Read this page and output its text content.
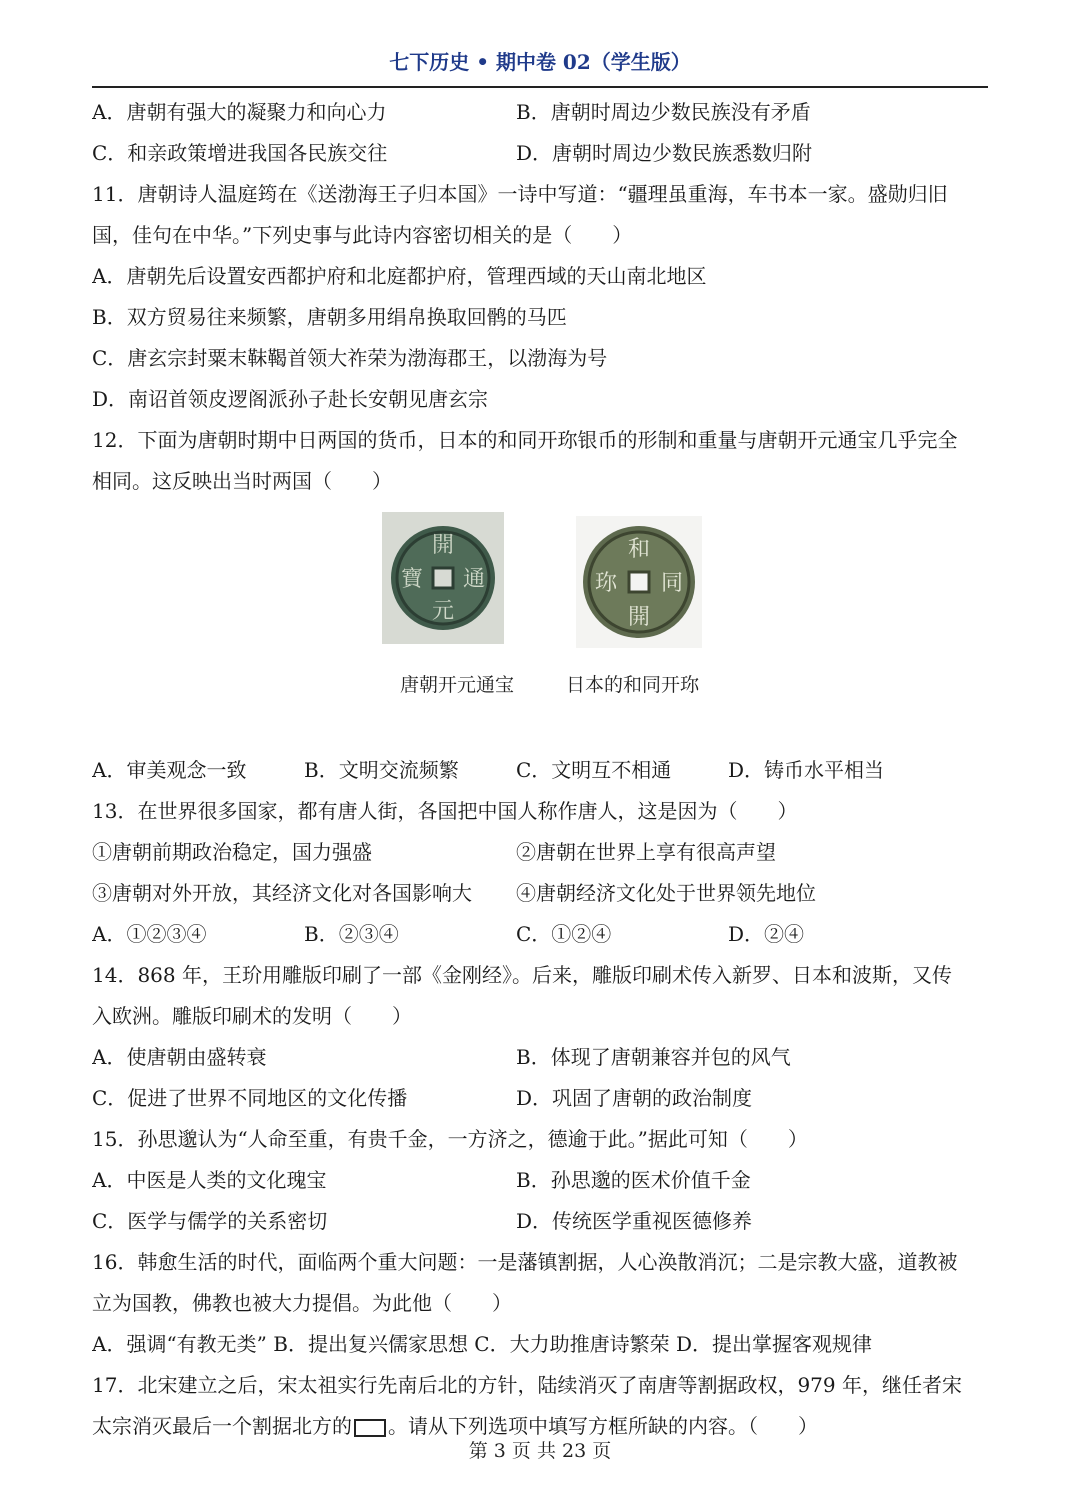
七下历史 • 期中卷 02（学生版）
A．唐朝有强大的凝聚力和向心力	B．唐朝时周边少数民族没有矛盾
C．和亲政策增进我国各民族交往	D．唐朝时周边少数民族悉数归附
11．唐朝诗人温庭筠在《送渤海王子归本国》一诗中写道：“疆理虽重海，车书本一家。盛勋归旧
国，佳句在中华。”下列史事与此诗内容密切相关的是（　　）
A．唐朝先后设置安西都护府和北庭都护府，管理西域的天山南北地区
B．双方贸易往来频繁，唐朝多用绢帛换取回鹘的马匹
C．唐玄宗封粟末靺鞨首领大祚荣为渤海郡王，以渤海为号
D．南诏首领皮逻阁派孙子赴长安朝见唐玄宗
12．下面为唐朝时期中日两国的货币，日本的和同开珎银币的形制和重量与唐朝开元通宝几乎完全
相同。这反映出当时两国（　　）
開
元
通
寶
和
開
同
珎
唐朝开元通宝	日本的和同开珎
A．审美观念一致	B．文明交流频繁	C．文明互不相通	D．铸币水平相当
13．在世界很多国家，都有唐人街，各国把中国人称作唐人，这是因为（　　）
①唐朝前期政治稳定，国力强盛	②唐朝在世界上享有很高声望
③唐朝对外开放，其经济文化对各国影响大	④唐朝经济文化处于世界领先地位
A．①②③④	B．②③④	C．①②④	D．②④
14．868 年，王玠用雕版印刷了一部《金刚经》。后来，雕版印刷术传入新罗、日本和波斯，又传
入欧洲。雕版印刷术的发明（　　）
A．使唐朝由盛转衰	B．体现了唐朝兼容并包的风气
C．促进了世界不同地区的文化传播	D．巩固了唐朝的政治制度
15．孙思邈认为“人命至重，有贵千金，一方济之，德逾于此。”据此可知（　　）
A．中医是人类的文化瑰宝	B．孙思邈的医术价值千金
C．医学与儒学的关系密切	D．传统医学重视医德修养
16．韩愈生活的时代，面临两个重大问题：一是藩镇割据，人心涣散消沉；二是宗教大盛，道教被
立为国教，佛教也被大力提倡。为此他（　　）
A．强调“有教无类” B．提出复兴儒家思想 C．大力助推唐诗繁荣 D．提出掌握客观规律
17．北宋建立之后，宋太祖实行先南后北的方针，陆续消灭了南唐等割据政权，979 年，继任者宋
太宗消灭最后一个割据北方的 。请从下列选项中填写方框所缺的内容。（　　）
第 3 页 共 23 页
